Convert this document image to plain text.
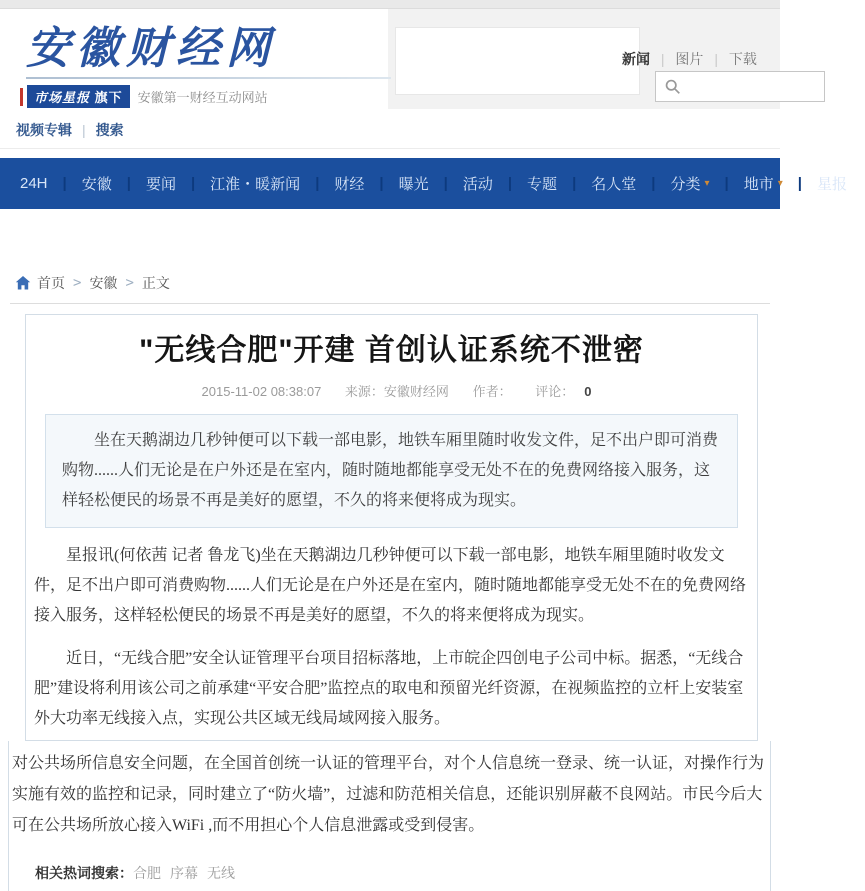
安徽财经网
市场星报 旗下	安徽第一财经互动网站
新闻 | 图片 | 下载
视频专辑 | 搜索
24H	|	安徽	|	要闻	|	江淮・暖新闻	|	财经	|	曝光	|	活动	|	专题	|	名人堂	| 分类 ▾ | 地市 ▾ |	星报
首页 > 安徽 > 正文
"无线合肥"开建 首创认证系统不泄密
2015-11-02 08:38:07 来源：安徽财经网 作者： 评论： 0
坐在天鹅湖边几秒钟便可以下载一部电影，地铁车厢里随时收发文件，足不出户即可消费购物......人们无论是在户外还是在室内，随时随地都能享受无处不在的免费网络接入服务，这样轻松便民的场景不再是美好的愿望，不久的将来便将成为现实。

星报讯(何依茜 记者 鲁龙飞)坐在天鹅湖边几秒钟便可以下载一部电影，地铁车厢里随时收发文件，足不出户即可消费购物......人们无论是在户外还是在室内，随时随地都能享受无处不在的免费网络接入服务，这样轻松便民的场景不再是美好的愿望，不久的将来便将成为现实。

近日，“无线合肥”安全认证管理平台项目招标落地，上市皖企四创电子公司中标。据悉，“无线合肥”建设将利用该公司之前承建“平安合肥”监控点的取电和预留光纤资源，在视频监控的立杆上安装室外大功率无线接入点，实现公共区域无线局域网接入服务。

对公共场所信息安全问题，在全国首创统一认证的管理平台，对个人信息统一登录、统一认证，对操作行为实施有效的监控和记录，同时建立了“防火墙”，过滤和防范相关信息，还能识别屏蔽不良网站。市民今后大可在公共场所放心接入WiFi ,而不用担心个人信息泄露或受到侵害。

相关热词搜索： 合肥 序幕 无线
